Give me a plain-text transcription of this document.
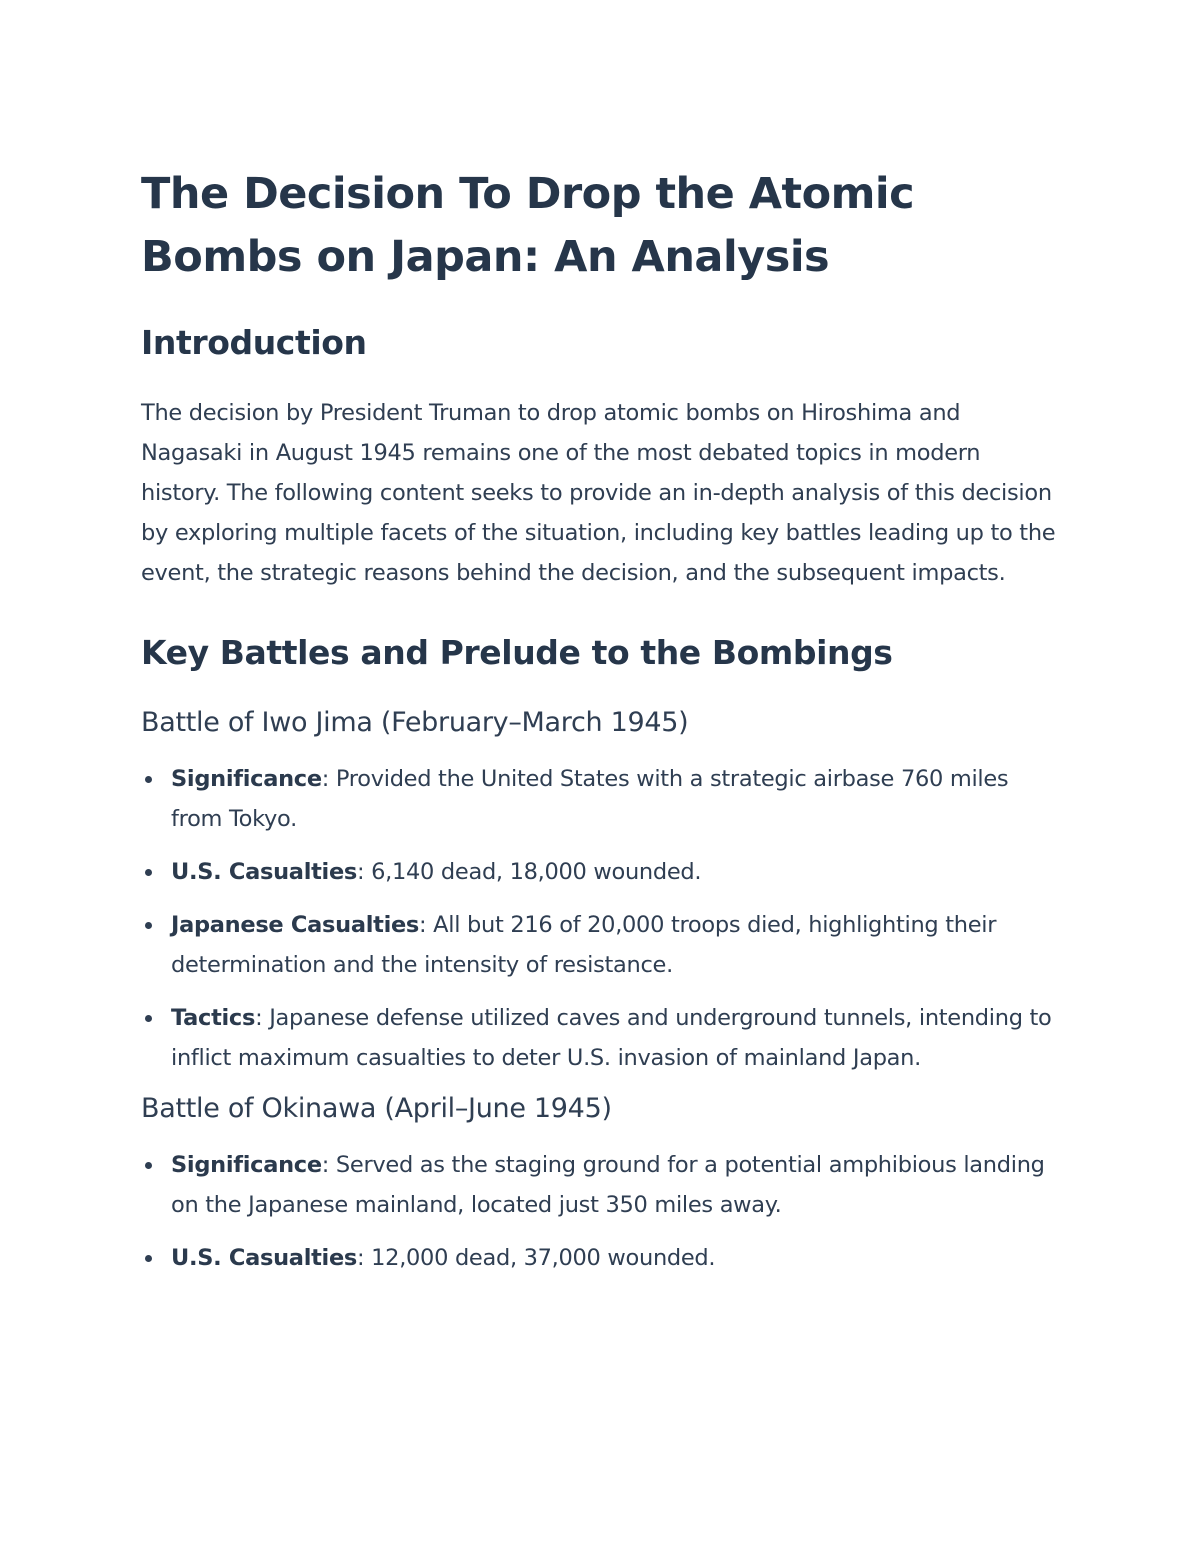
The Decision To Drop the Atomic Bombs on Japan: An Analysis
Introduction

The decision by President Truman to drop atomic bombs on Hiroshima and Nagasaki in August 1945 remains one of the most debated topics in modern history. The following content seeks to provide an in-depth analysis of this decision by exploring multiple facets of the situation, including key battles leading up to the event, the strategic reasons behind the decision, and the subsequent impacts.

Key Battles and Prelude to the Bombings
Battle of Iwo Jima (February–March 1945)
Significance: Provided the United States with a strategic airbase 760 miles from Tokyo.
U.S. Casualties: 6,140 dead, 18,000 wounded.
Japanese Casualties: All but 216 of 20,000 troops died, highlighting their determination and the intensity of resistance.
Tactics: Japanese defense utilized caves and underground tunnels, intending to inflict maximum casualties to deter U.S. invasion of mainland Japan.
Battle of Okinawa (April–June 1945)
Significance: Served as the staging ground for a potential amphibious landing on the Japanese mainland, located just 350 miles away.
U.S. Casualties: 12,000 dead, 37,000 wounded.
